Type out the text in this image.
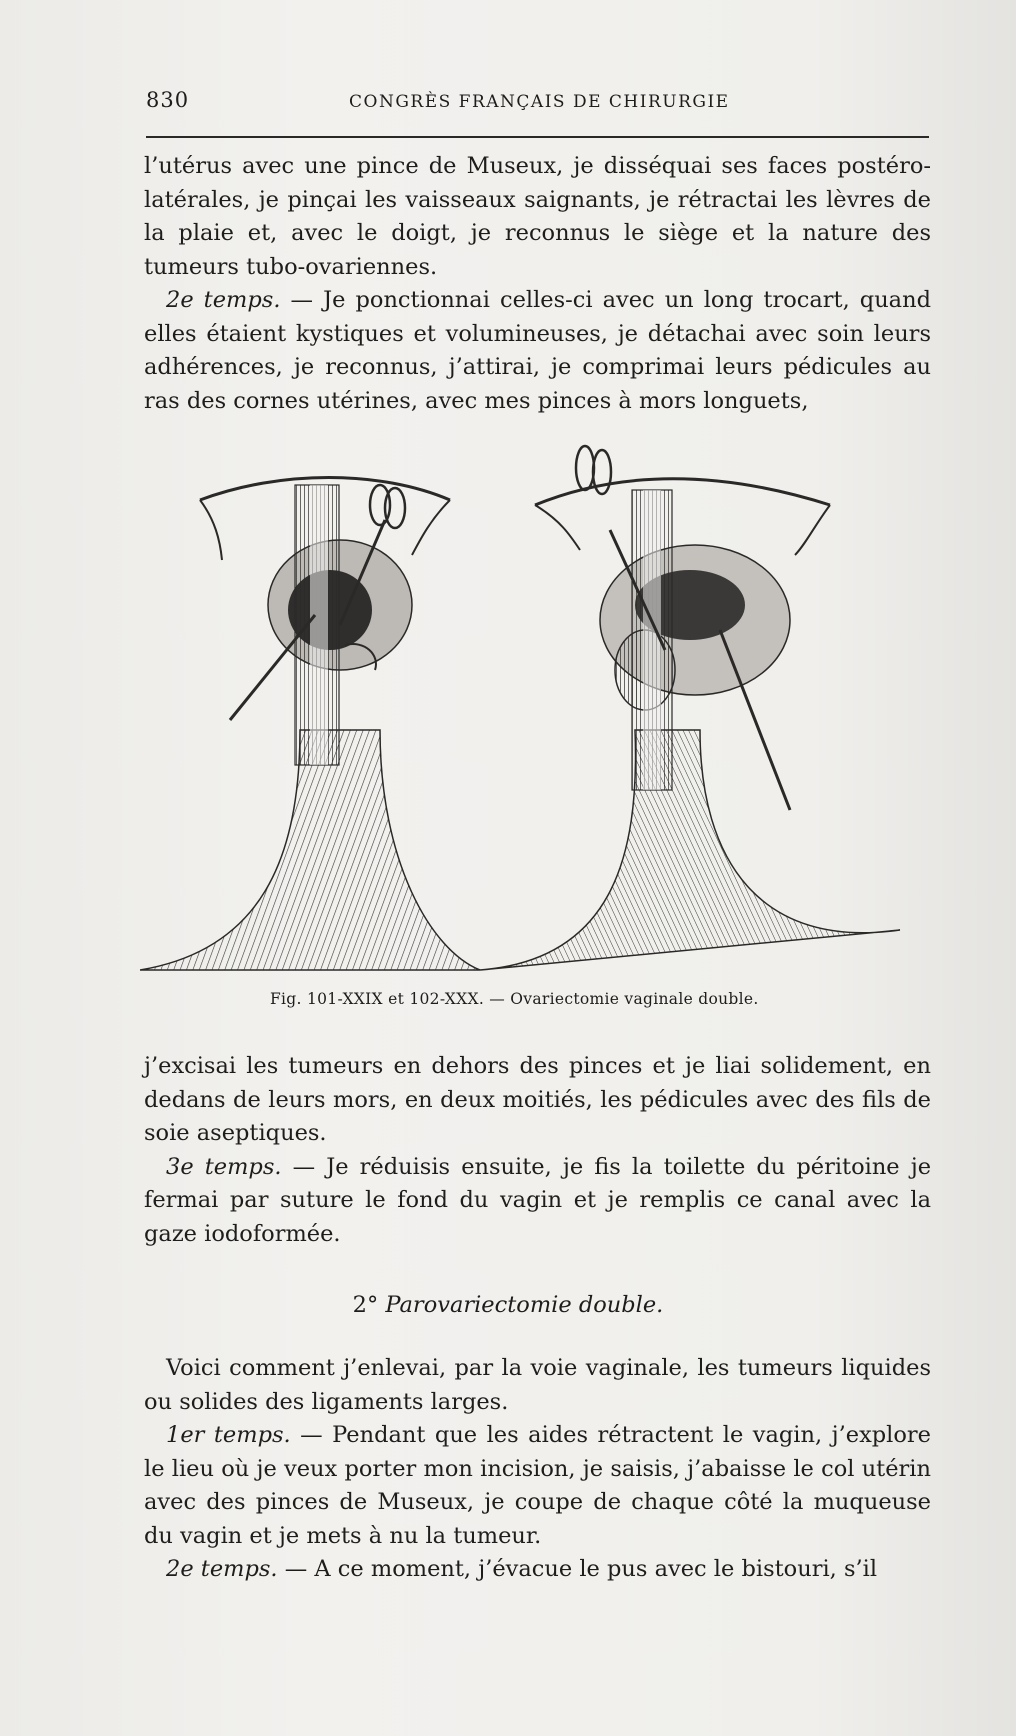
830	CONGRÈS FRANÇAIS DE CHIRURGIE

l’utérus avec une pince de Museux, je disséquai ses faces postéro-latérales, je pinçai les vaisseaux saignants, je rétractai les lèvres de la plaie et, avec le doigt, je reconnus le siège et la nature des tumeurs tubo-ovariennes.

2e temps. — Je ponctionnai celles-ci avec un long trocart, quand elles étaient kystiques et volumineuses, je détachai avec soin leurs adhérences, je reconnus, j’attirai, je comprimai leurs pédicules au ras des cornes utérines, avec mes pinces à mors longuets,

Fig. 101-XXIX et 102-XXX. — Ovariectomie vaginale double.

j’excisai les tumeurs en dehors des pinces et je liai solidement, en dedans de leurs mors, en deux moitiés, les pédicules avec des fils de soie aseptiques.

3e temps. — Je réduisis ensuite, je fis la toilette du péritoine je fermai par suture le fond du vagin et je remplis ce canal avec la gaze iodoformée.

2° Parovariectomie double.

Voici comment j’enlevai, par la voie vaginale, les tumeurs liquides ou solides des ligaments larges.

1er temps. — Pendant que les aides rétractent le vagin, j’explore le lieu où je veux porter mon incision, je saisis, j’abaisse le col utérin avec des pinces de Museux, je coupe de chaque côté la muqueuse du vagin et je mets à nu la tumeur.

2e temps. — A ce moment, j’évacue le pus avec le bistouri, s’il
